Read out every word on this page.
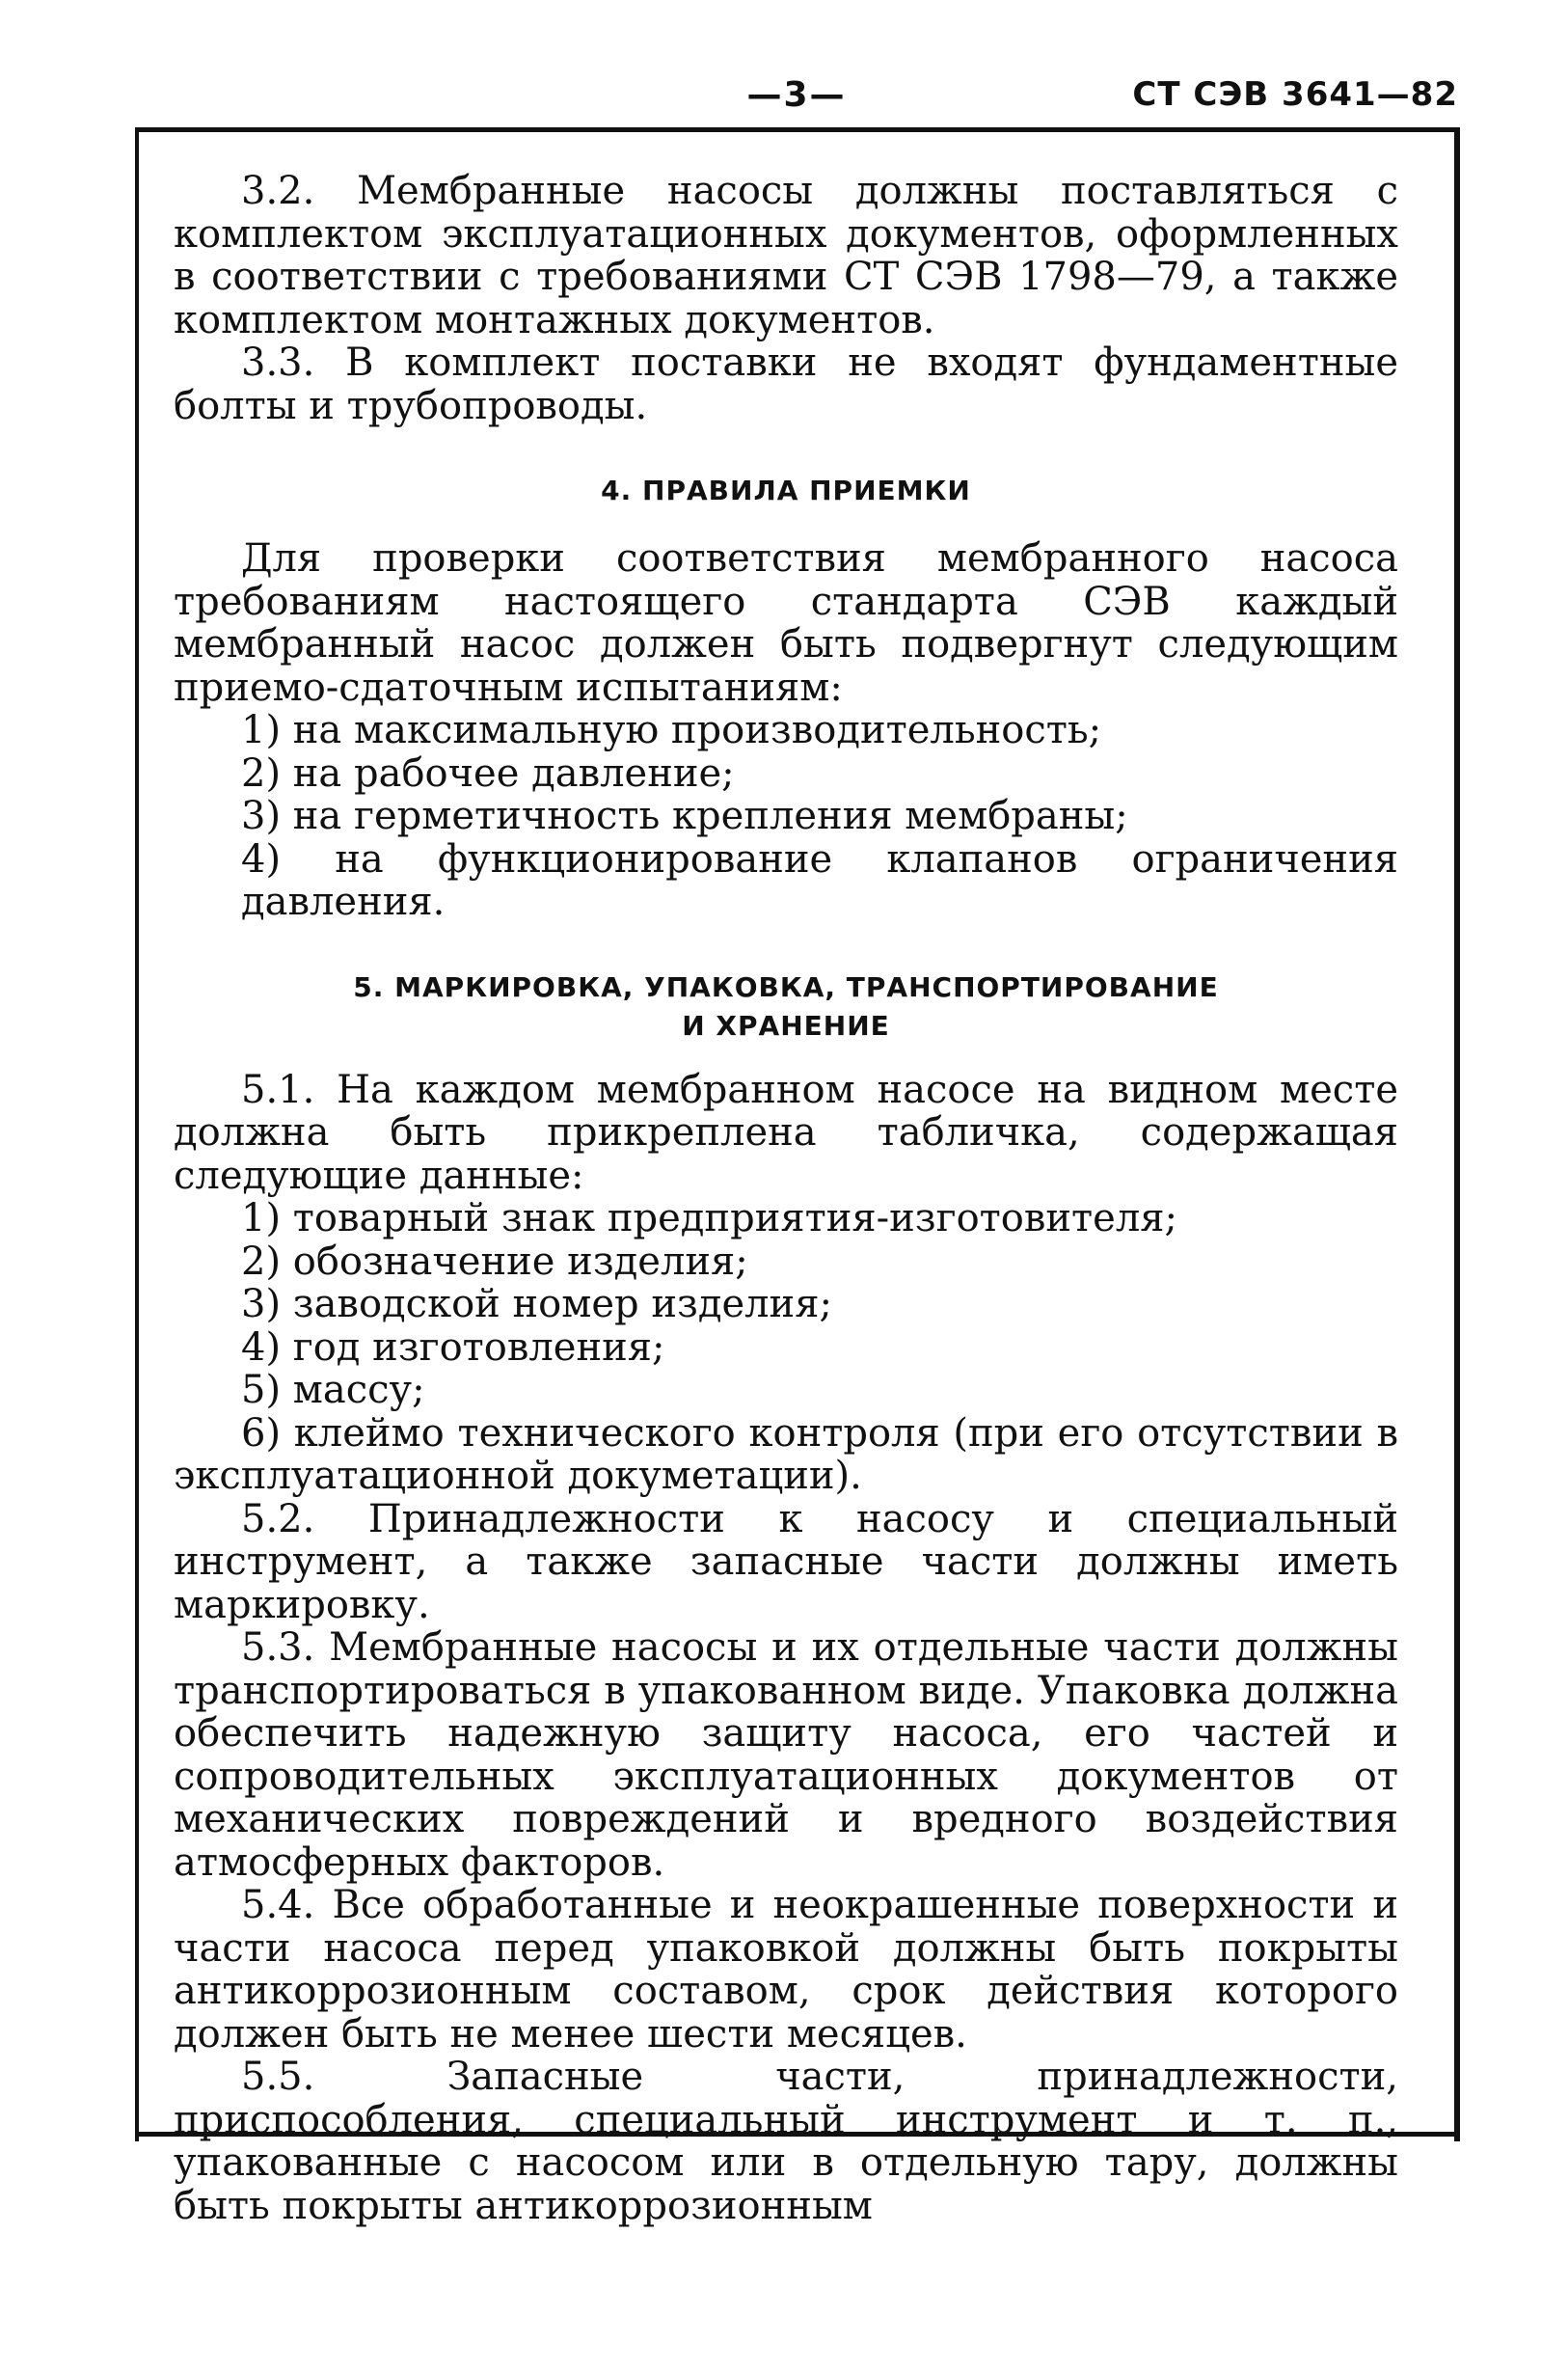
—3—	СТ СЭВ 3641—82

3.2. Мембранные насосы должны поставляться с комплектом эксплуатационных документов, оформленных в соответствии с требованиями СТ СЭВ 1798—79, а также комплектом монтажных документов.

3.3. В комплект поставки не входят фундаментные болты и трубопроводы.

4. ПРАВИЛА ПРИЕМКИ

Для проверки соответствия мембранного насоса требованиям настоящего стандарта СЭВ каждый мембранный насос должен быть подвергнут следующим приемо-сдаточным испытаниям:

1) на максимальную производительность;

2) на рабочее давление;

3) на герметичность крепления мембраны;

4) на функционирование клапанов ограничения давления.

5. МАРКИРОВКА, УПАКОВКА, ТРАНСПОРТИРОВАНИЕ
И ХРАНЕНИЕ

5.1. На каждом мембранном насосе на видном месте должна быть прикреплена табличка, содержащая следующие данные:

1) товарный знак предприятия-изготовителя;

2) обозначение изделия;

3) заводской номер изделия;

4) год изготовления;

5) массу;

6) клеймо технического контроля (при его отсутствии в эксплуатационной докуметации).

5.2. Принадлежности к насосу и специальный инструмент, а также запасные части должны иметь маркировку.

5.3. Мембранные насосы и их отдельные части должны транспортироваться в упакованном виде. Упаковка должна обеспечить надежную защиту насоса, его частей и сопроводительных эксплуатационных документов от механических повреждений и вредного воздействия атмосферных факторов.

5.4. Все обработанные и неокрашенные поверхности и части насоса перед упаковкой должны быть покрыты антикоррозионным составом, срок действия которого должен быть не менее шести месяцев.

5.5. Запасные части, принадлежности, приспособления, специальный инструмент и т. п., упакованные с насосом или в отдельную тару, должны быть покрыты антикоррозионным
